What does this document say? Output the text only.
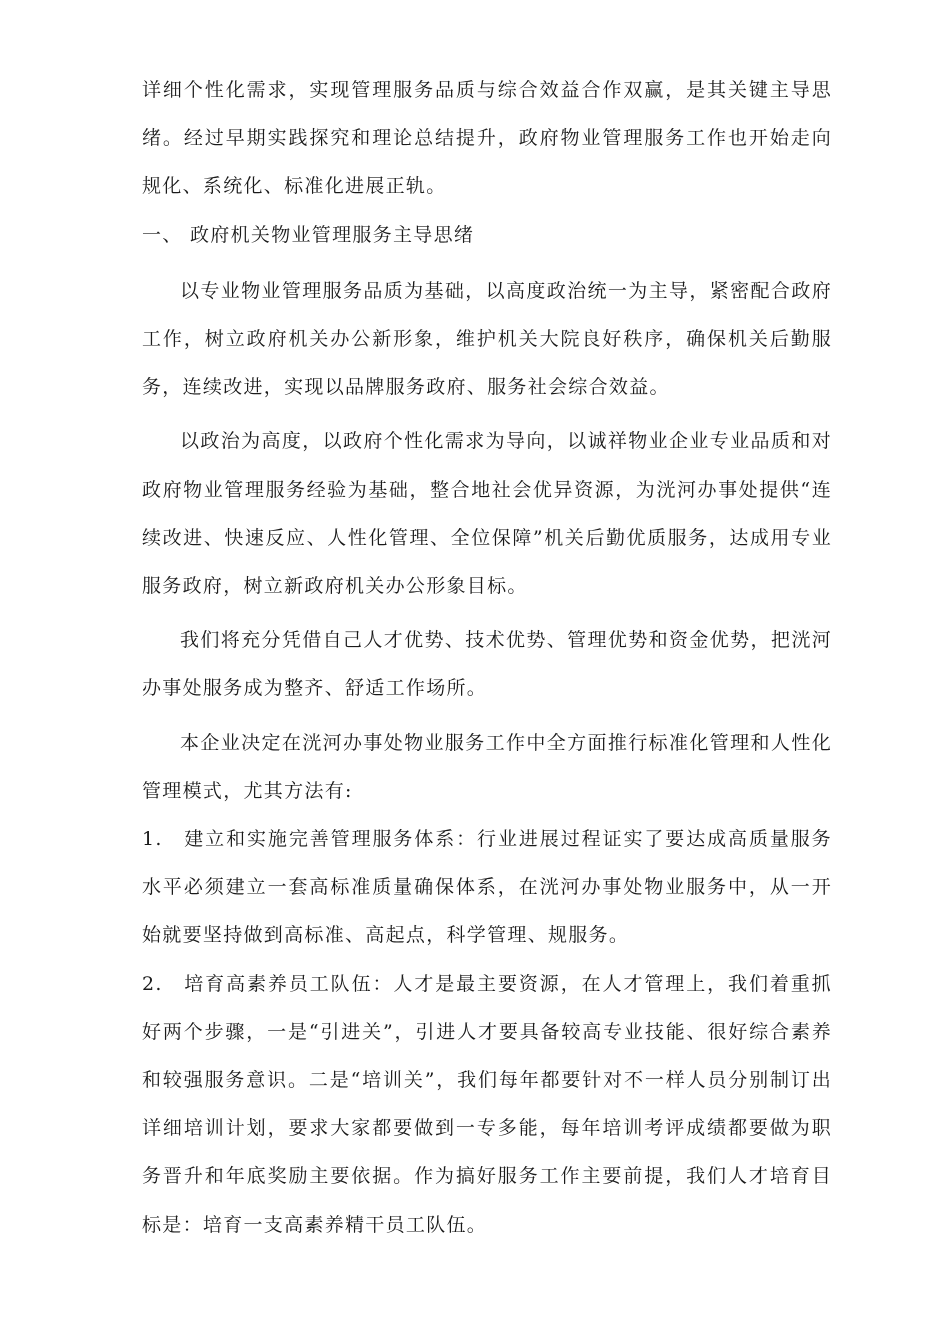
详细个性化需求，实现管理服务品质与综合效益合作双赢，是其关键主导思绪。经过早期实践探究和理论总结提升，政府物业管理服务工作也开始走向规化、系统化、标准化进展正轨。

一、 政府机关物业管理服务主导思绪

以专业物业管理服务品质为基础，以高度政治统一为主导，紧密配合政府工作，树立政府机关办公新形象，维护机关大院良好秩序，确保机关后勤服务，连续改进，实现以品牌服务政府、服务社会综合效益。

以政治为高度，以政府个性化需求为导向，以诚祥物业企业专业品质和对政府物业管理服务经验为基础，整合地社会优异资源，为洸河办事处提供“连续改进、快速反应、人性化管理、全位保障”机关后勤优质服务，达成用专业服务政府，树立新政府机关办公形象目标。

我们将充分凭借自己人才优势、技术优势、管理优势和资金优势，把洸河办事处服务成为整齐、舒适工作场所。

本企业决定在洸河办事处物业服务工作中全方面推行标准化管理和人性化管理模式，尤其方法有:

1.　建立和实施完善管理服务体系：行业进展过程证实了要达成高质量服务水平必须建立一套高标准质量确保体系，在洸河办事处物业服务中，从一开始就要坚持做到高标准、高起点，科学管理、规服务。

2.　培育高素养员工队伍：人才是最主要资源，在人才管理上，我们着重抓好两个步骤，一是“引进关”，引进人才要具备较高专业技能、很好综合素养和较强服务意识。二是“培训关”，我们每年都要针对不一样人员分别制订出详细培训计划，要求大家都要做到一专多能，每年培训考评成绩都要做为职务晋升和年底奖励主要依据。作为搞好服务工作主要前提，我们人才培育目标是：培育一支高素养精干员工队伍。
